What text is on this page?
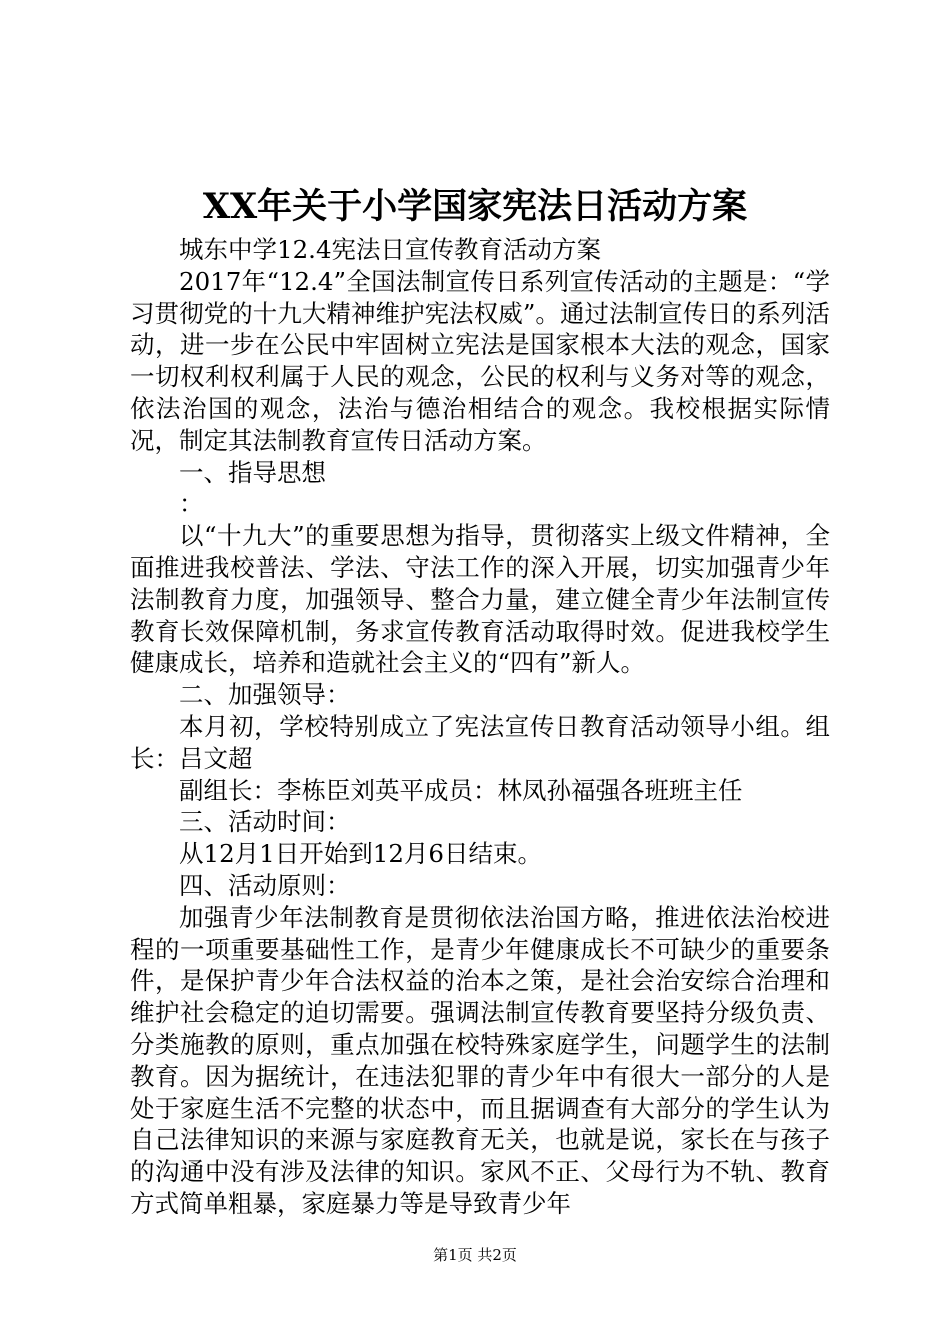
XX年关于小学国家宪法日活动方案

城东中学12.4宪法日宣传教育活动方案

2017年“12.4”全国法制宣传日系列宣传活动的主题是：“学习贯彻党的十九大精神维护宪法权威”。通过法制宣传日的系列活动，进一步在公民中牢固树立宪法是国家根本大法的观念，国家一切权利权利属于人民的观念，公民的权利与义务对等的观念，依法治国的观念，法治与德治相结合的观念。我校根据实际情况，制定其法制教育宣传日活动方案。

一、指导思想

：

以“十九大”的重要思想为指导，贯彻落实上级文件精神，全面推进我校普法、学法、守法工作的深入开展，切实加强青少年法制教育力度，加强领导、整合力量，建立健全青少年法制宣传教育长效保障机制，务求宣传教育活动取得时效。促进我校学生健康成长，培养和造就社会主义的“四有”新人。

二、加强领导：

本月初，学校特别成立了宪法宣传日教育活动领导小组。组长：吕文超

副组长：李栋臣刘英平成员：林凤孙福强各班班主任

三、活动时间：

从12月1日开始到12月6日结束。

四、活动原则：

加强青少年法制教育是贯彻依法治国方略，推进依法治校进程的一项重要基础性工作，是青少年健康成长不可缺少的重要条件，是保护青少年合法权益的治本之策，是社会治安综合治理和维护社会稳定的迫切需要。强调法制宣传教育要坚持分级负责、分类施教的原则，重点加强在校特殊家庭学生，问题学生的法制教育。因为据统计，在违法犯罪的青少年中有很大一部分的人是处于家庭生活不完整的状态中，而且据调查有大部分的学生认为自己法律知识的来源与家庭教育无关，也就是说，家长在与孩子的沟通中没有涉及法律的知识。家风不正、父母行为不轨、教育方式简单粗暴，家庭暴力等是导致青少年

第1页 共2页
